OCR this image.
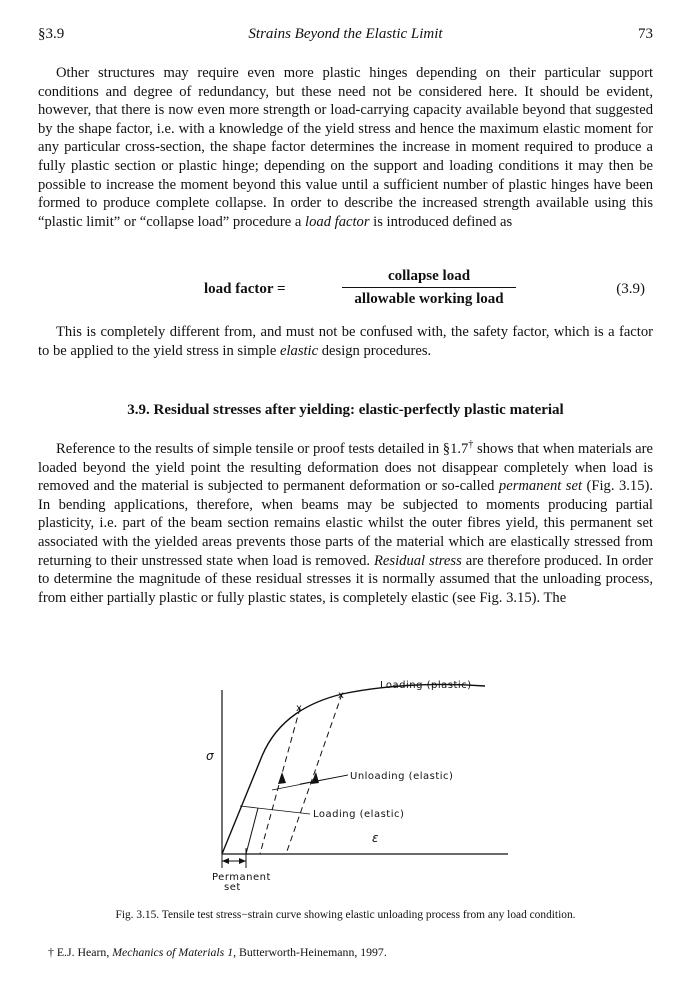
§3.9	Strains Beyond the Elastic Limit	73

Other structures may require even more plastic hinges depending on their particular support conditions and degree of redundancy, but these need not be considered here. It should be evident, however, that there is now even more strength or load-carrying capacity available beyond that suggested by the shape factor, i.e. with a knowledge of the yield stress and hence the maximum elastic moment for any particular cross-section, the shape factor determines the increase in moment required to produce a fully plastic section or plastic hinge; depending on the support and loading conditions it may then be possible to increase the moment beyond this value until a sufficient number of plastic hinges have been formed to produce complete collapse. In order to describe the increased strength available using this “plastic limit” or “collapse load” procedure a load factor is introduced defined as

load factor =
collapse load
allowable working load
(3.9)

This is completely different from, and must not be confused with, the safety factor, which is a factor to be applied to the yield stress in simple elastic design procedures.

3.9. Residual stresses after yielding: elastic-perfectly plastic material

Reference to the results of simple tensile or proof tests detailed in §1.7† shows that when materials are loaded beyond the yield point the resulting deformation does not disappear completely when load is removed and the material is subjected to permanent deformation or so-called permanent set (Fig. 3.15). In bending applications, therefore, when beams may be subjected to moments producing partial plasticity, i.e. part of the beam section remains elastic whilst the outer fibres yield, this permanent set associated with the yielded areas prevents those parts of the material which are elastically stressed from returning to their unstressed state when load is removed. Residual stress are therefore produced. In order to determine the magnitude of these residual stresses it is normally assumed that the unloading process, from either partially plastic or fully plastic states, is completely elastic (see Fig. 3.15). The

x
x
Loading (plastic)
Unloading (elastic)
Loading (elastic)
σ
ε
Permanent
set
Fig. 3.15. Tensile test stress−strain curve showing elastic unloading process from any load condition.
† E.J. Hearn, Mechanics of Materials 1, Butterworth-Heinemann, 1997.
